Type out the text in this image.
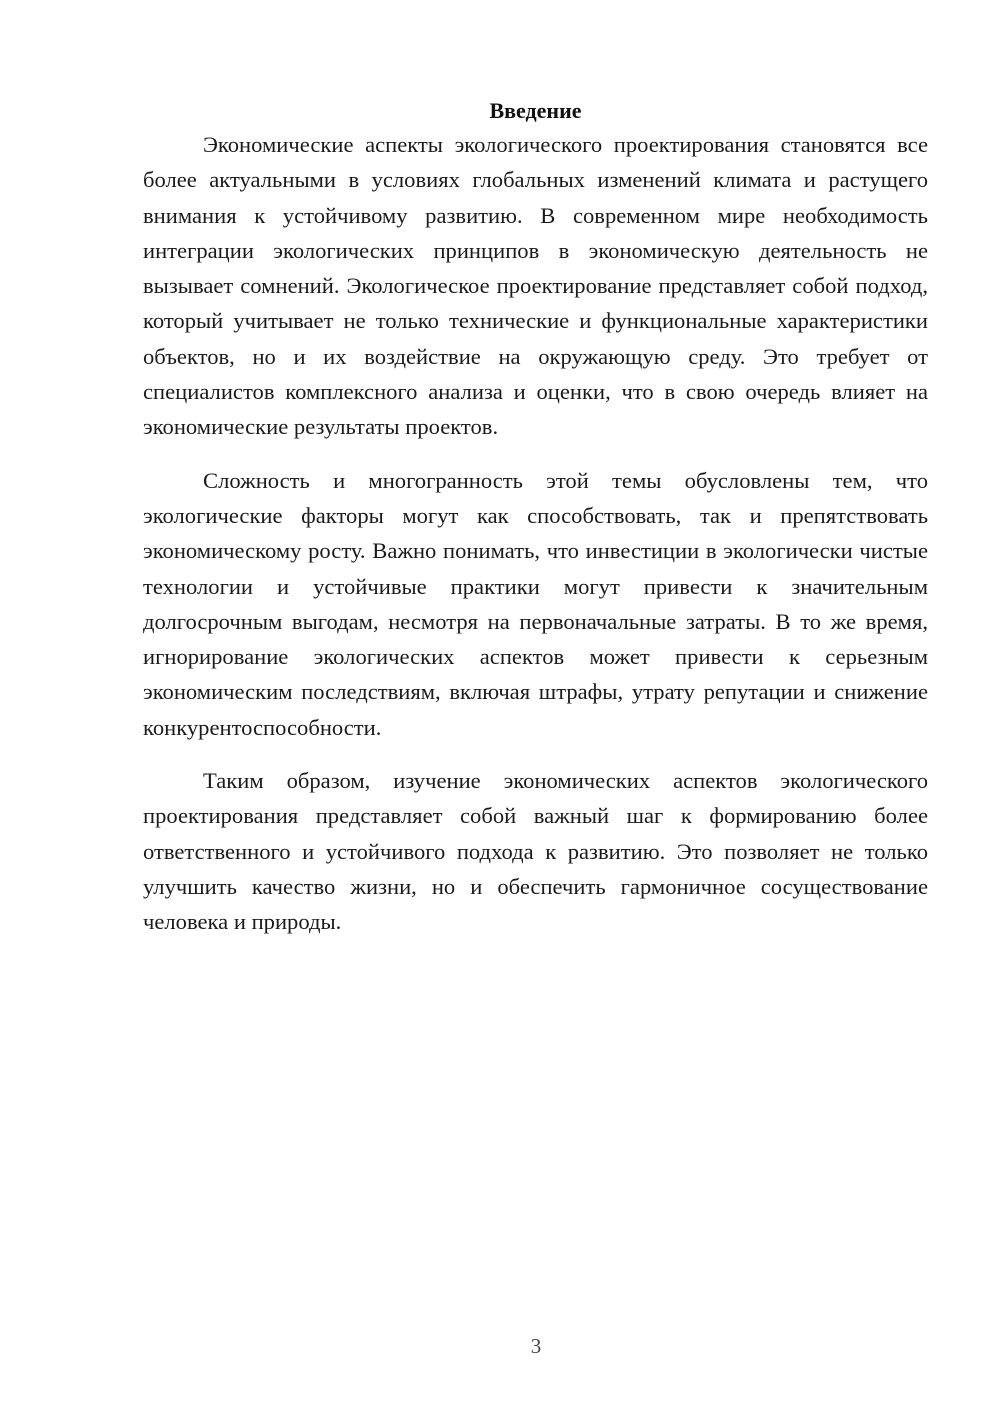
Введение

Экономические аспекты экологического проектирования становятся все более актуальными в условиях глобальных изменений климата и растущего внимания к устойчивому развитию. В современном мире необходимость интеграции экологических принципов в экономическую деятельность не вызывает сомнений. Экологическое проектирование представляет собой подход, который учитывает не только технические и функциональные характеристики объектов, но и их воздействие на окружающую среду. Это требует от специалистов комплексного анализа и оценки, что в свою очередь влияет на экономические результаты проектов.

Сложность и многогранность этой темы обусловлены тем, что экологические факторы могут как способствовать, так и препятствовать экономическому росту. Важно понимать, что инвестиции в экологически чистые технологии и устойчивые практики могут привести к значительным долгосрочным выгодам, несмотря на первоначальные затраты. В то же время, игнорирование экологических аспектов может привести к серьезным экономическим последствиям, включая штрафы, утрату репутации и снижение конкурентоспособности.

Таким образом, изучение экономических аспектов экологического проектирования представляет собой важный шаг к формированию более ответственного и устойчивого подхода к развитию. Это позволяет не только улучшить качество жизни, но и обеспечить гармоничное сосуществование человека и природы.

3
